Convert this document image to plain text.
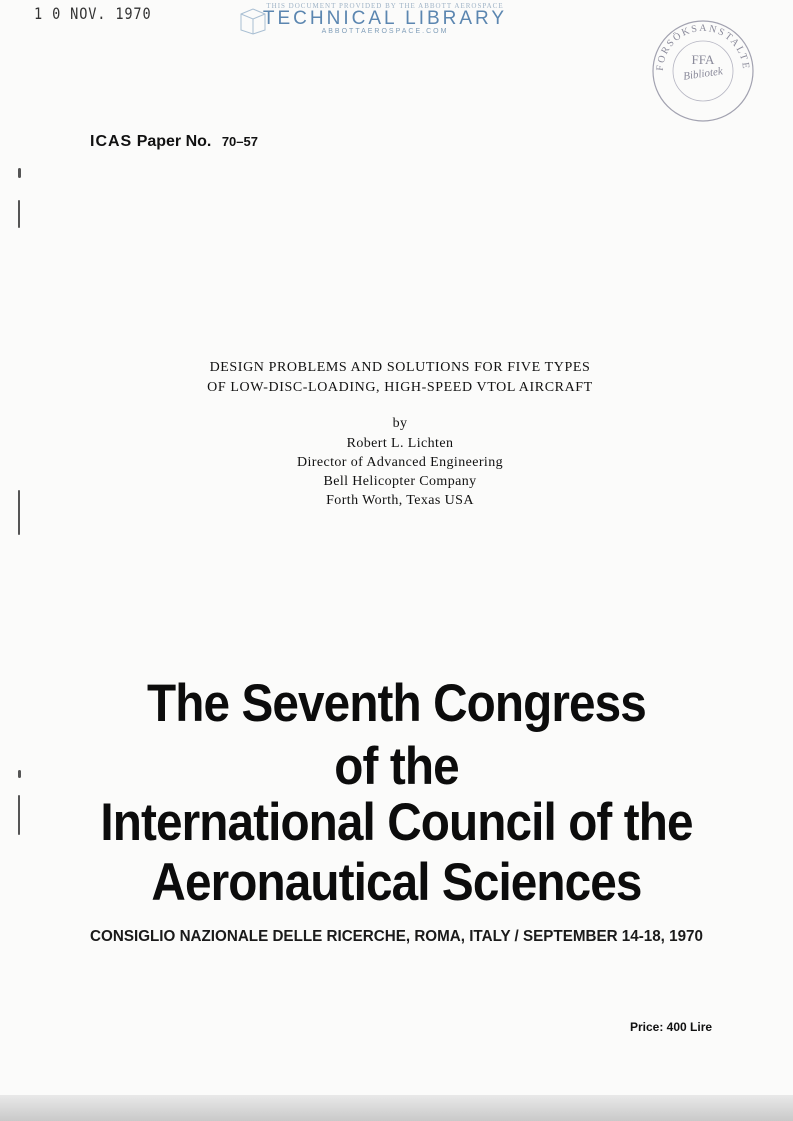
1 0 NOV. 1970	THIS DOCUMENT PROVIDED BY THE ABBOTT AEROSPACE
TECHNICAL LIBRARY
ABBOTTAEROSPACE.COM
FORSÖKSANSTALTE
FFA
Bibliotek
ICAS Paper No. 70–57
DESIGN PROBLEMS AND SOLUTIONS FOR FIVE TYPES
OF LOW-DISC-LOADING, HIGH-SPEED VTOL AIRCRAFT
by
Robert L. Lichten
Director of Advanced Engineering
Bell Helicopter Company
Forth Worth, Texas USA
The Seventh Congress
of the
International Council of the
Aeronautical Sciences
CONSIGLIO NAZIONALE DELLE RICERCHE, ROMA, ITALY / SEPTEMBER 14-18, 1970
Price: 400 Lire
